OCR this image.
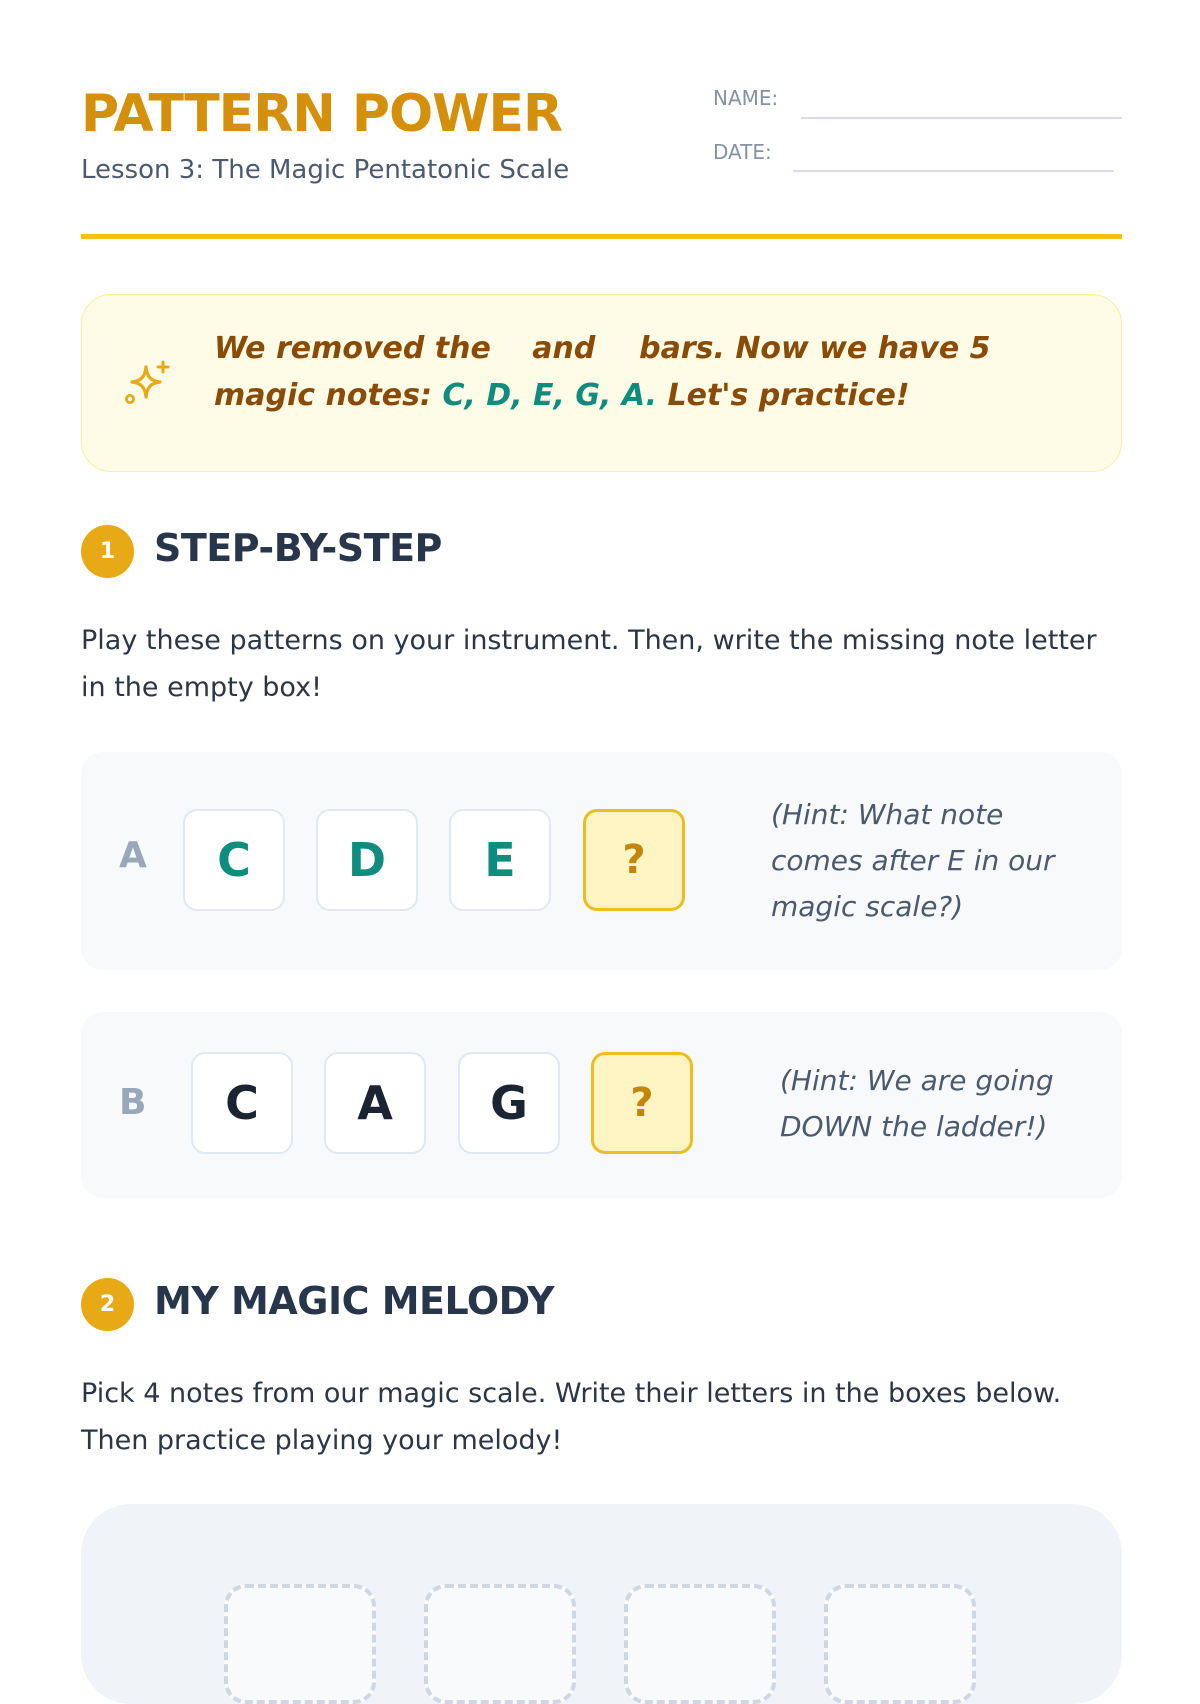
PATTERN POWER

Lesson 3: The Magic Pentatonic Scale

NAME:
DATE:
We removed the F and B bars. Now we have 5
magic notes: C, D, E, G, A. Let's practice!
1	STEP-BY-STEP
Play these patterns on your instrument. Then, write the missing note letter in the empty box!
A	C	D	E	?
(Hint: What note comes after E in our magic scale?)
B	C	A	G	?	(Hint: We are going DOWN the ladder!)
2	MY MAGIC MELODY
Pick 4 notes from our magic scale. Write their letters in the boxes below. Then practice playing your melody!
